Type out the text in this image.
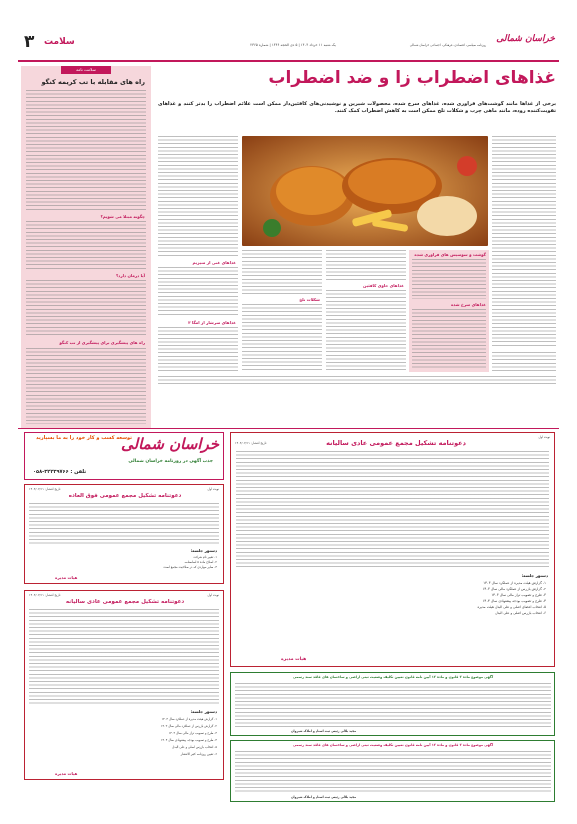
۳ سلامت	یک شنبه ۱۱ خرداد ۱۴۰۴ | ۵ ذی الحجه ۱۴۴۶ | شماره ۲۳۶۵	روزنامه سیاسی، اقتصادی، فرهنگی، اجتماعی خراسان شمالی
خراسان شمالی
سلامت نامه
راه های مقابله با تب کریمه کنگو
چگونه مبتلا می شویم؟
آیا درمان دارد؟
راه های پیشگیری برای پیشگیری از تب کنگو
غذاهای اضطراب زا و ضد اضطراب
برخی از غذاها مانند گوشت‌های فراوری شده، غذاهای سرخ شده، محصولات شیرین و نوشیدنی‌های کافئین‌دار ممکن است علائم اضطراب را بدتر کنند و غذاهای تقویت‌کننده روده، مانند ماهی چرب و شکلات تلخ ممکن است به کاهش اضطراب کمک کنند.
گوشت و سوسیس های فراوری شده
غذاهای سرخ شده
غذاهای حاوی کافئین
شکلات تلخ
غذاهای غنی از منیزیم
غذاهای سرشار از امگا ۳
توسعه کسب و کار خود را به ما بسپارید
خراسان شمالی
جذب آگهی در روزنامه خراسان شمالی
تلفن : ۳۲۲۳۹۷۶۶-۰۵۸
نوبت اول
تاریخ انتشار: ۱۴۰۴/۰۳/۱۱	دعوتنامه تشکیل مجمع عمومی عادی سالیانه
دستور جلسه:
۱- گزارش هیئت مدیره از عملکرد سال ۱۴۰۳
۲- گزارش بازرس از عملکرد مالی سال ۱۴۰۳
۳- طرح و تصویب تراز مالی سال ۱۴۰۳
۴- طرح و تصویب بودجه پیشنهادی سال ۱۴۰۴
۵- انتخاب اعضای اصلی و علی البدل هیئت مدیره
۶- انتخاب بازرس اصلی و علی البدل
هیات مدیره
نوبت اول
تاریخ انتشار: ۱۴۰۴/۰۳/۱۱
دعوتنامه تشکیل مجمع عمومی فوق العاده
دستور جلسه:
۱- تغییر نام شرکت
۲- اصلاح ماده ۵ اساسنامه
۳- سایر مواردی که در صلاحیت مجمع است
هیات مدیره
نوبت اول
تاریخ انتشار: ۱۴۰۴/۰۳/۱۱
دعوتنامه تشکیل مجمع عمومی عادی سالیانه
دستور جلسه:
۱- گزارش هیئت مدیره از عملکرد سال ۱۴۰۳
۲- گزارش بازرس از عملکرد مالی سال ۱۴۰۳
۳- طرح و تصویب تراز مالی سال ۱۴۰۳
۴- طرح و تصویب بودجه پیشنهادی سال ۱۴۰۴
۵- انتخاب بازرس اصلی و علی البدل
۶- تعیین روزنامه کثیر الانتشار
هیات مدیره
آگهی موضوع ماده ۳ قانون و ماده ۱۳ آیین نامه قانون تعیین تکلیف وضعیت ثبتی اراضی و ساختمان های فاقد سند رسمی
مجید بلالی رئیس ثبت اسناد و املاک شیروان
آگهی موضوع ماده ۳ قانون و ماده ۱۳ آیین نامه قانون تعیین تکلیف وضعیت ثبتی اراضی و ساختمان های فاقد سند رسمی
مجید بلالی رئیس ثبت اسناد و املاک شیروان
